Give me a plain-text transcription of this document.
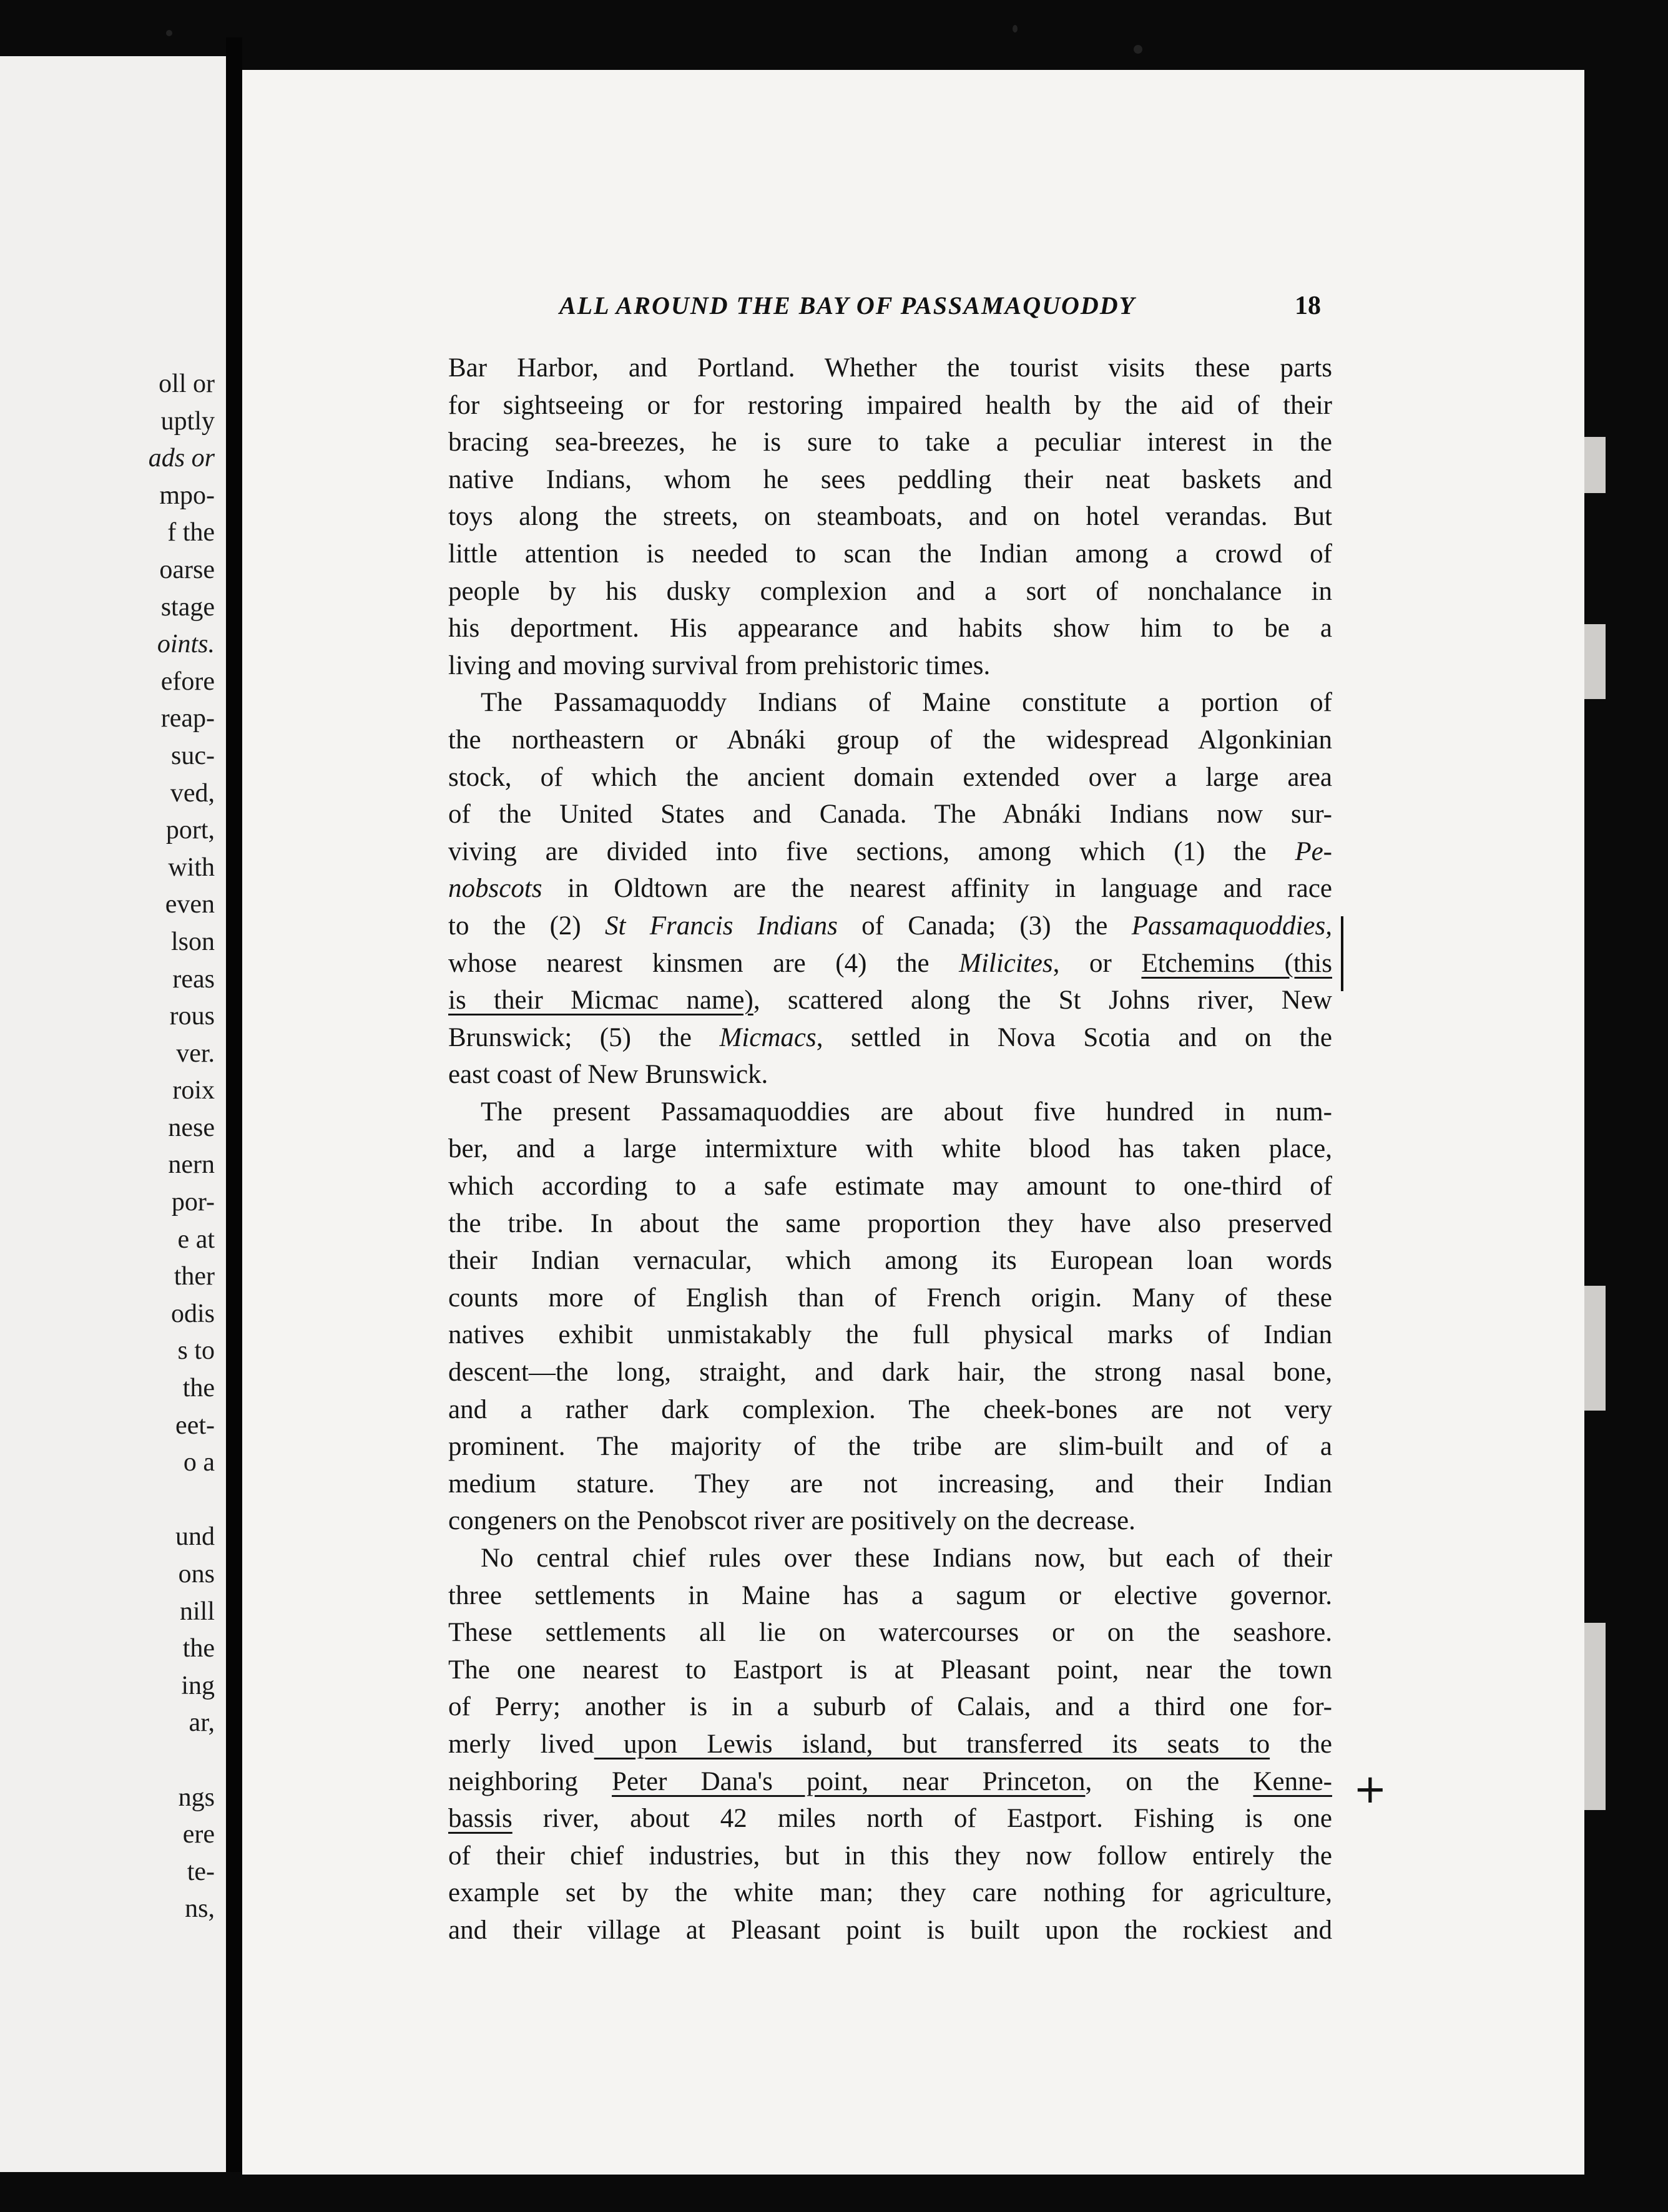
oll or
uptly
ads or
mpo-
f the
oarse
stage
oints.
efore
reap-
suc-
ved,
port,
with
even
lson
reas
rous
ver.
roix
nese
nern
por-
e at
ther
odis
s to
the
eet-
o a
und
ons
nill
the
ing
ar,
ngs
ere
te-
ns,
ALL AROUND THE BAY OF PASSAMAQUODDY	18
Bar Harbor, and Portland. Whether the tourist visits these parts
for sightseeing or for restoring impaired health by the aid of their
bracing sea-breezes, he is sure to take a peculiar interest in the
native Indians, whom he sees peddling their neat baskets and
toys along the streets, on steamboats, and on hotel verandas. But
little attention is needed to scan the Indian among a crowd of
people by his dusky complexion and a sort of nonchalance in
his deportment. His appearance and habits show him to be a
living and moving survival from prehistoric times.
The Passamaquoddy Indians of Maine constitute a portion of
the northeastern or Abnáki group of the widespread Algonkinian
stock, of which the ancient domain extended over a large area
of the United States and Canada. The Abnáki Indians now sur-
viving are divided into five sections, among which (1) the Pe-
nobscots in Oldtown are the nearest affinity in language and race
to the (2) St Francis Indians of Canada; (3) the Passamaquoddies,
whose nearest kinsmen are (4) the Milicites, or Etchemins (this
is their Micmac name), scattered along the St Johns river, New
Brunswick; (5) the Micmacs, settled in Nova Scotia and on the
east coast of New Brunswick.
The present Passamaquoddies are about five hundred in num-
ber, and a large intermixture with white blood has taken place,
which according to a safe estimate may amount to one-third of
the tribe. In about the same proportion they have also preserved
their Indian vernacular, which among its European loan words
counts more of English than of French origin. Many of these
natives exhibit unmistakably the full physical marks of Indian
descent—the long, straight, and dark hair, the strong nasal bone,
and a rather dark complexion. The cheek-bones are not very
prominent. The majority of the tribe are slim-built and of a
medium stature. They are not increasing, and their Indian
congeners on the Penobscot river are positively on the decrease.
No central chief rules over these Indians now, but each of their
three settlements in Maine has a sagum or elective governor.
These settlements all lie on watercourses or on the seashore.
The one nearest to Eastport is at Pleasant point, near the town
of Perry; another is in a suburb of Calais, and a third one for-
merly lived upon Lewis island, but transferred its seats to the
neighboring Peter Dana's point, near Princeton, on the Kenne-
bassis river, about 42 miles north of Eastport. Fishing is one
of their chief industries, but in this they now follow entirely the
example set by the white man; they care nothing for agriculture,
and their village at Pleasant point is built upon the rockiest and
+
